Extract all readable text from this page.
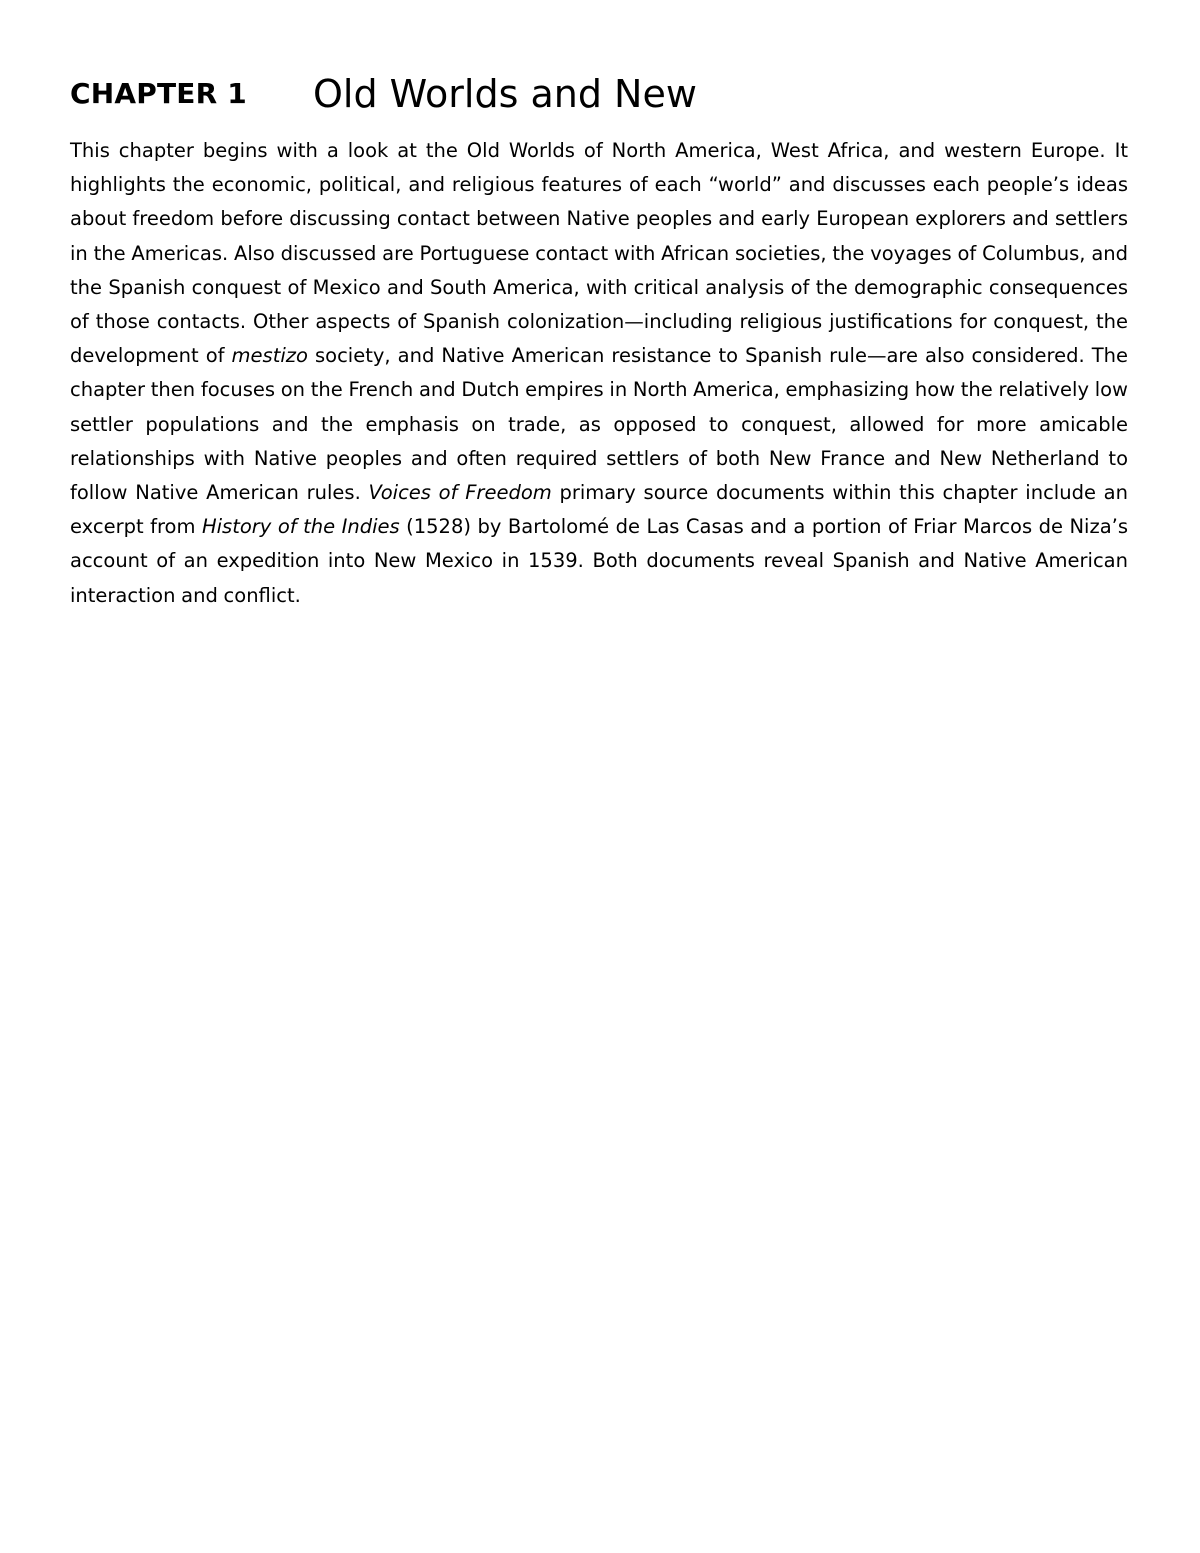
CHAPTER 1 Old Worlds and New

This chapter begins with a look at the Old Worlds of North America, West Africa, and western Europe. It highlights the economic, political, and religious features of each “world” and discusses each people’s ideas about freedom before discussing contact between Native peoples and early European explorers and settlers in the Americas. Also discussed are Portuguese contact with African societies, the voyages of Columbus, and the Spanish conquest of Mexico and South America, with critical analysis of the demographic consequences of those contacts. Other aspects of Spanish colonization—including religious justifications for conquest, the development of mestizo society, and Native American resistance to Spanish rule—are also considered. The chapter then focuses on the French and Dutch empires in North America, emphasizing how the relatively low settler populations and the emphasis on trade, as opposed to conquest, allowed for more amicable relationships with Native peoples and often required settlers of both New France and New Netherland to follow Native American rules. Voices of Freedom primary source documents within this chapter include an excerpt from History of the Indies (1528) by Bartolomé de Las Casas and a portion of Friar Marcos de Niza’s account of an expedition into New Mexico in 1539. Both documents reveal Spanish and Native American interaction and conflict.
